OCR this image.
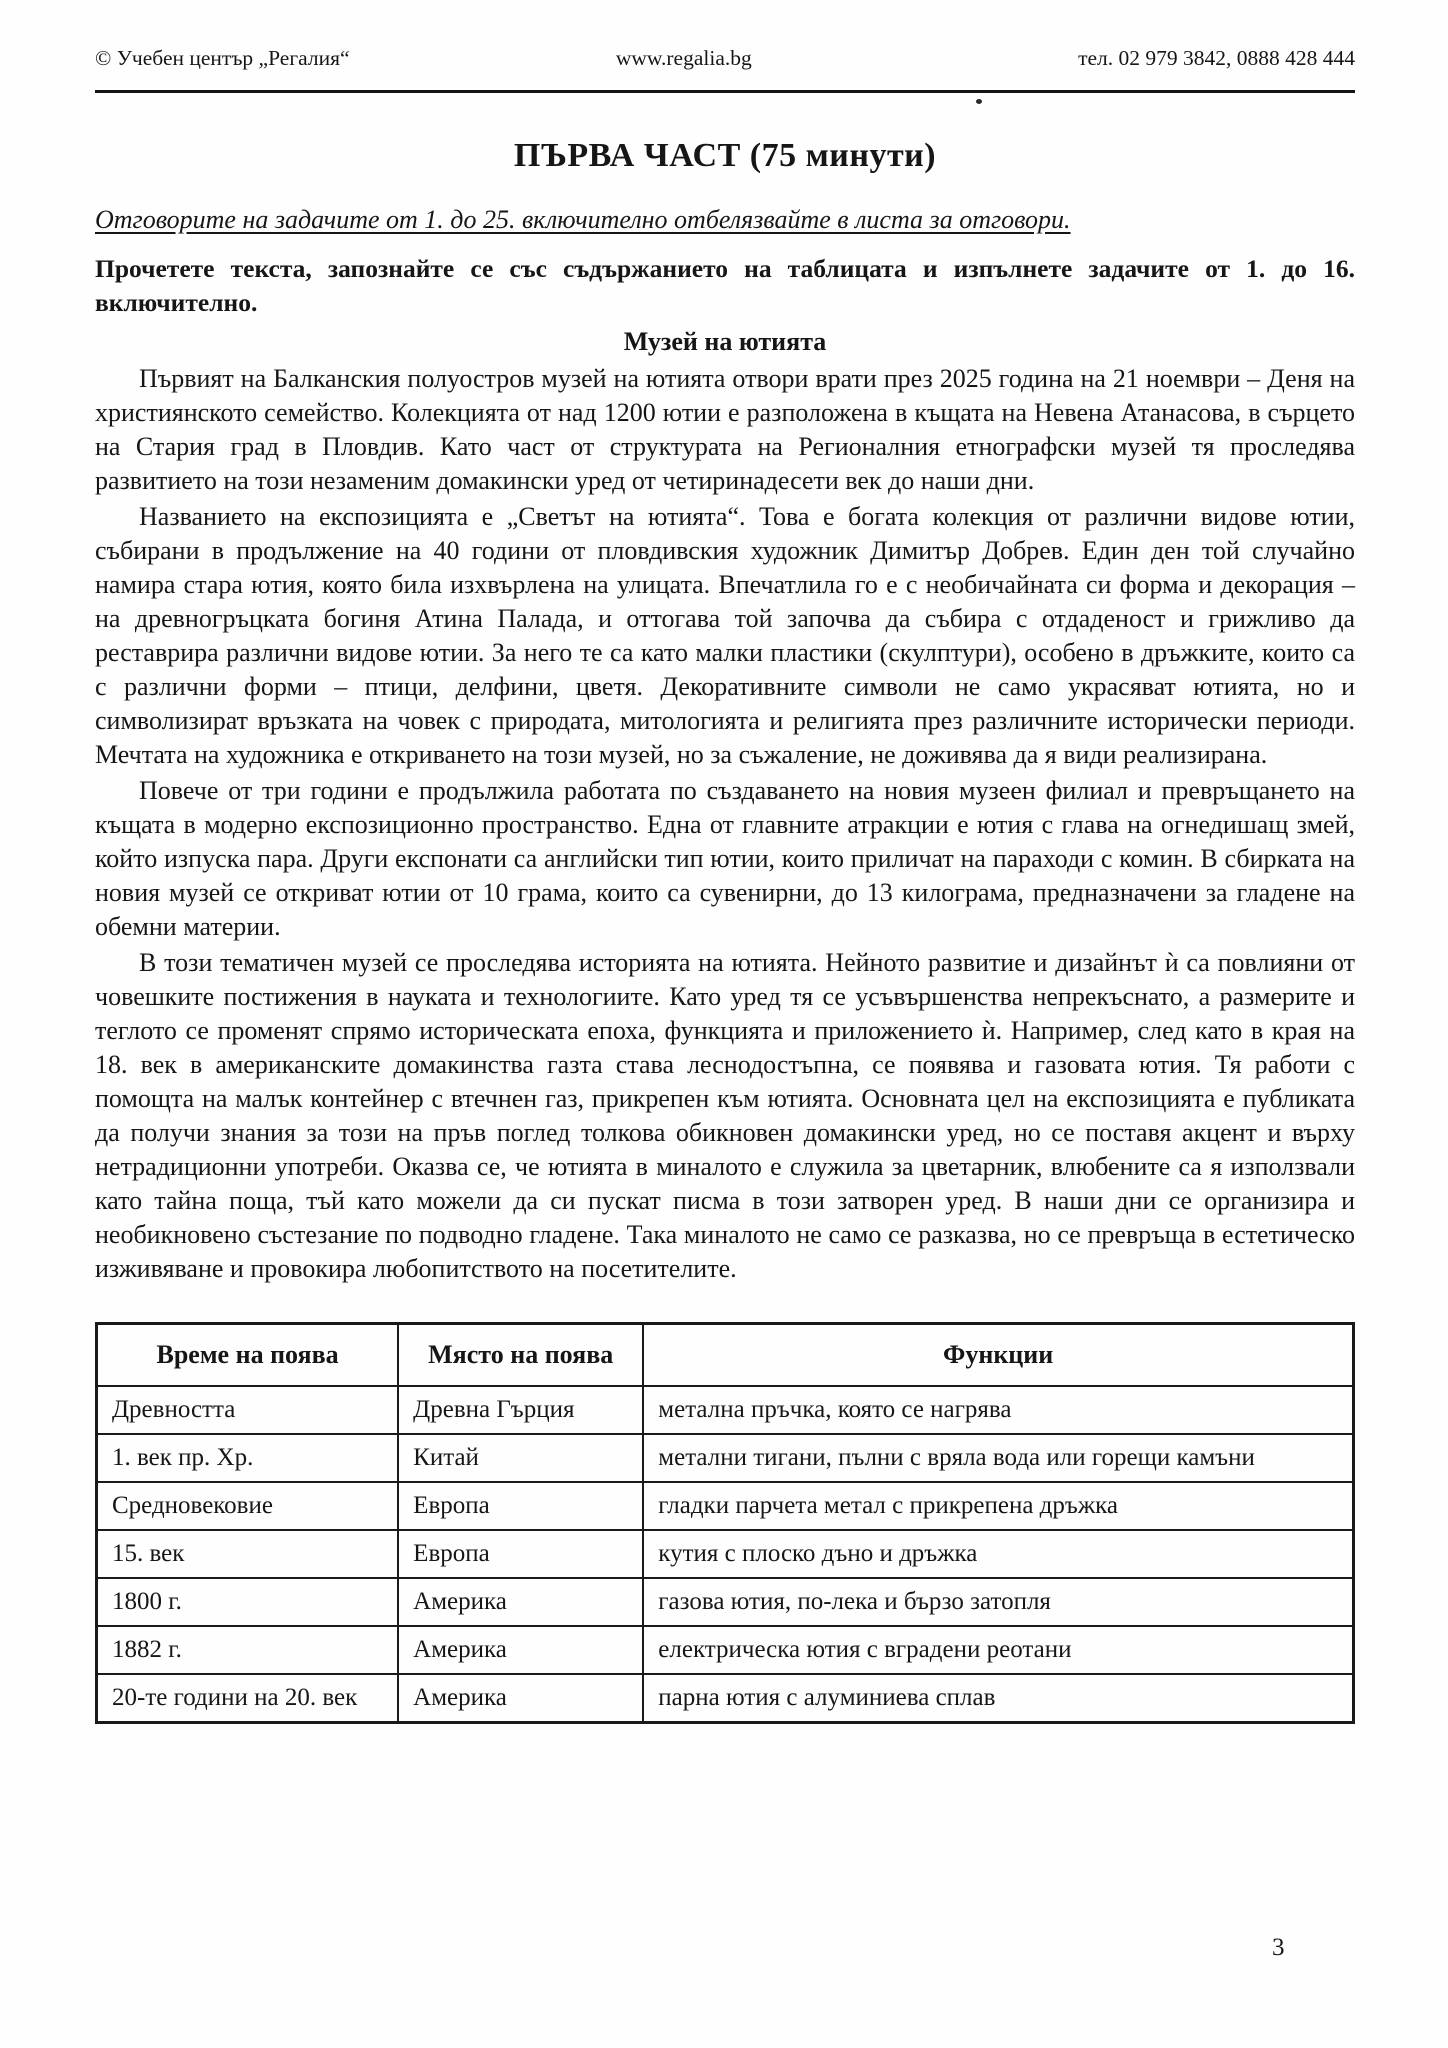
© Учебен център „Регалия“	www.regalia.bg	тел. 02 979 3842, 0888 428 444
ПЪРВА ЧАСТ (75 минути)
Отговорите на задачите от 1. до 25. включително отбелязвайте в листа за отговори.
Прочетете текста, запознайте се със съдържанието на таблицата и изпълнете задачите от 1. до 16. включително.
Музей на ютията

Първият на Балканския полуостров музей на ютията отвори врати през 2025 година на 21 ноември – Деня на християнското семейство. Колекцията от над 1200 ютии е разположена в къщата на Невена Атанасова, в сърцето на Стария град в Пловдив. Като част от структурата на Регионалния етнографски музей тя проследява развитието на този незаменим домакински уред от четиринадесети век до наши дни.

Названието на експозицията е „Светът на ютията“. Това е богата колекция от различни видове ютии, събирани в продължение на 40 години от пловдивския художник Димитър Добрев. Един ден той случайно намира стара ютия, която била изхвърлена на улицата. Впечатлила го е с необичайната си форма и декорация – на древногръцката богиня Атина Палада, и оттогава той започва да събира с отдаденост и грижливо да реставрира различни видове ютии. За него те са като малки пластики (скулптури), особено в дръжките, които са с различни форми – птици, делфини, цветя. Декоративните символи не само украсяват ютията, но и символизират връзката на човек с природата, митологията и религията през различните исторически периоди. Мечтата на художника е откриването на този музей, но за съжаление, не доживява да я види реализирана.

Повече от три години е продължила работата по създаването на новия музеен филиал и превръщането на къщата в модерно експозиционно пространство. Една от главните атракции е ютия с глава на огнедишащ змей, който изпуска пара. Други експонати са английски тип ютии, които приличат на параходи с комин. В сбирката на новия музей се откриват ютии от 10 грама, които са сувенирни, до 13 килограма, предназначени за гладене на обемни материи.

В този тематичен музей се проследява историята на ютията. Нейното развитие и дизайнът ѝ са повлияни от човешките постижения в науката и технологиите. Като уред тя се усъвършенства непрекъснато, а размерите и теглото се променят спрямо историческата епоха, функцията и приложението ѝ. Например, след като в края на 18. век в американските домакинства газта става леснодостъпна, се появява и газовата ютия. Тя работи с помощта на малък контейнер с втечнен газ, прикрепен към ютията. Основната цел на експозицията е публиката да получи знания за този на пръв поглед толкова обикновен домакински уред, но се поставя акцент и върху нетрадиционни употреби. Оказва се, че ютията в миналото е служила за цветарник, влюбените са я използвали като тайна поща, тъй като можели да си пускат писма в този затворен уред. В наши дни се организира и необикновено състезание по подводно гладене. Така миналото не само се разказва, но се превръща в естетическо изживяване и провокира любопитството на посетителите.

Време на поява	Място на поява	Функции
Древността	Древна Гърция	метална пръчка, която се нагрява
1. век пр. Хр.	Китай	метални тигани, пълни с вряла вода или горещи камъни
Средновековие	Европа	гладки парчета метал с прикрепена дръжка
15. век	Европа	кутия с плоско дъно и дръжка
1800 г.	Америка	газова ютия, по-лека и бързо затопля
1882 г.	Америка	електрическа ютия с вградени реотани
20-те години на 20. век	Америка	парна ютия с алуминиева сплав
3
